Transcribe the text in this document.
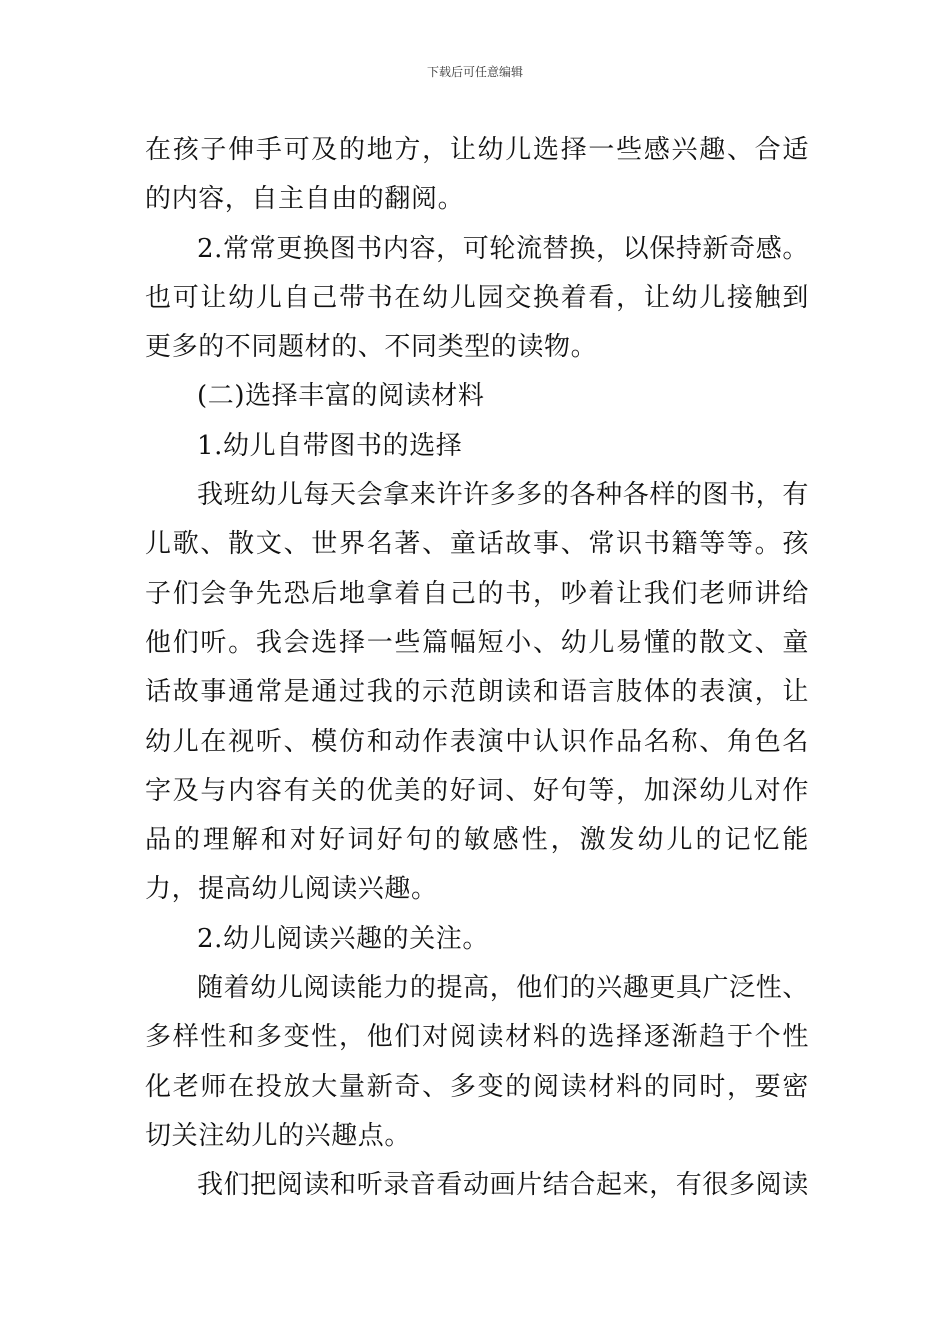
下载后可任意编辑

在孩子伸手可及的地方，让幼儿选择一些感兴趣、合适的内容，自主自由的翻阅。

2.常常更换图书内容，可轮流替换，以保持新奇感。也可让幼儿自己带书在幼儿园交换着看，让幼儿接触到更多的不同题材的、不同类型的读物。

(二)选择丰富的阅读材料

1.幼儿自带图书的选择

我班幼儿每天会拿来许许多多的各种各样的图书，有儿歌、散文、世界名著、童话故事、常识书籍等等。孩子们会争先恐后地拿着自己的书，吵着让我们老师讲给他们听。我会选择一些篇幅短小、幼儿易懂的散文、童话故事通常是通过我的示范朗读和语言肢体的表演，让幼儿在视听、模仿和动作表演中认识作品名称、角色名字及与内容有关的优美的好词、好句等，加深幼儿对作品的理解和对好词好句的敏感性，激发幼儿的记忆能力，提高幼儿阅读兴趣。

2.幼儿阅读兴趣的关注。

随着幼儿阅读能力的提高，他们的兴趣更具广泛性、多样性和多变性，他们对阅读材料的选择逐渐趋于个性化老师在投放大量新奇、多变的阅读材料的同时，要密切关注幼儿的兴趣点。

我们把阅读和听录音看动画片结合起来，有很多阅读
